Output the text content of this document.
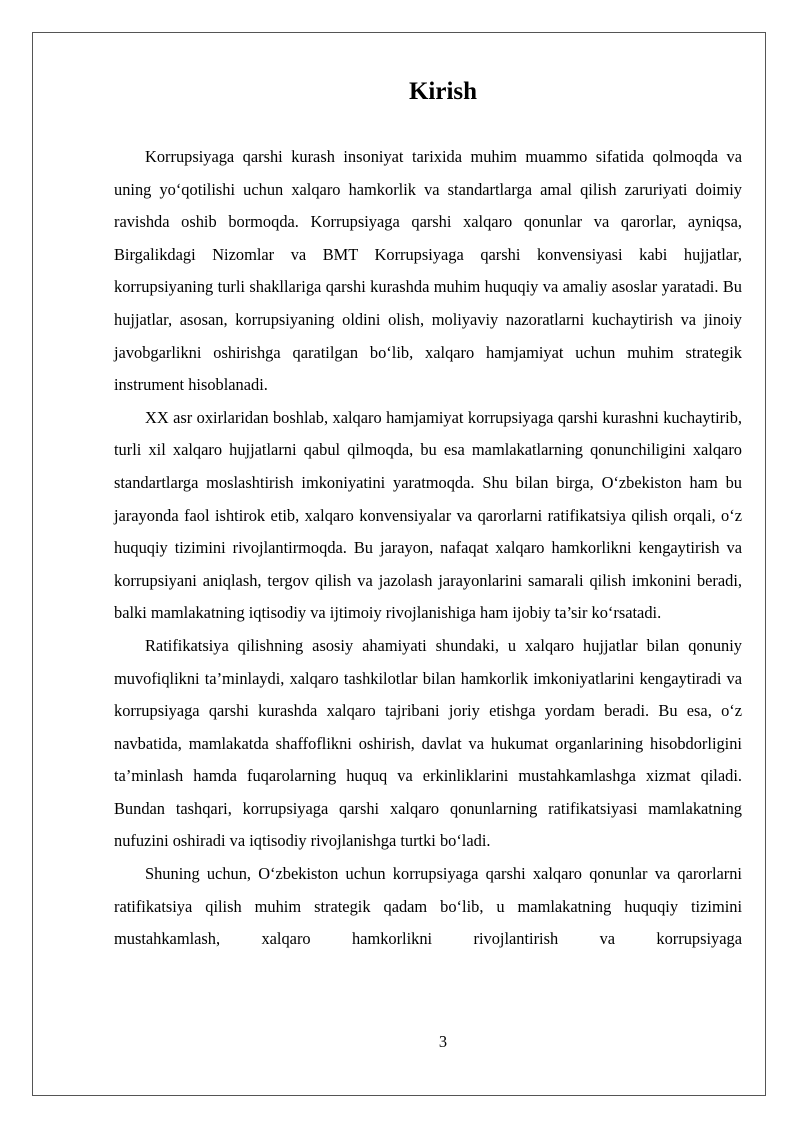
Kirish

Korrupsiyaga qarshi kurash insoniyat tarixida muhim muammo sifatida qolmoqda va uning yo‘qotilishi uchun xalqaro hamkorlik va standartlarga amal qilish zaruriyati doimiy ravishda oshib bormoqda. Korrupsiyaga qarshi xalqaro qonunlar va qarorlar, ayniqsa, Birgalikdagi Nizomlar va BMT Korrupsiyaga qarshi konvensiyasi kabi hujjatlar, korrupsiyaning turli shakllariga qarshi kurashda muhim huquqiy va amaliy asoslar yaratadi. Bu hujjatlar, asosan, korrupsiyaning oldini olish, moliyaviy nazoratlarni kuchaytirish va jinoiy javobgarlikni oshirishga qaratilgan bo‘lib, xalqaro hamjamiyat uchun muhim strategik instrument hisoblanadi.

XX asr oxirlaridan boshlab, xalqaro hamjamiyat korrupsiyaga qarshi kurashni kuchaytirib, turli xil xalqaro hujjatlarni qabul qilmoqda, bu esa mamlakatlarning qonunchiligini xalqaro standartlarga moslashtirish imkoniyatini yaratmoqda. Shu bilan birga, O‘zbekiston ham bu jarayonda faol ishtirok etib, xalqaro konvensiyalar va qarorlarni ratifikatsiya qilish orqali, o‘z huquqiy tizimini rivojlantirmoqda. Bu jarayon, nafaqat xalqaro hamkorlikni kengaytirish va korrupsiyani aniqlash, tergov qilish va jazolash jarayonlarini samarali qilish imkonini beradi, balki mamlakatning iqtisodiy va ijtimoiy rivojlanishiga ham ijobiy ta’sir ko‘rsatadi.

Ratifikatsiya qilishning asosiy ahamiyati shundaki, u xalqaro hujjatlar bilan qonuniy muvofiqlikni ta’minlaydi, xalqaro tashkilotlar bilan hamkorlik imkoniyatlarini kengaytiradi va korrupsiyaga qarshi kurashda xalqaro tajribani joriy etishga yordam beradi. Bu esa, o‘z navbatida, mamlakatda shaffoflikni oshirish, davlat va hukumat organlarining hisobdorligini ta’minlash hamda fuqarolarning huquq va erkinliklarini mustahkamlashga xizmat qiladi. Bundan tashqari, korrupsiyaga qarshi xalqaro qonunlarning ratifikatsiyasi mamlakatning nufuzini oshiradi va iqtisodiy rivojlanishga turtki bo‘ladi.

Shuning uchun, O‘zbekiston uchun korrupsiyaga qarshi xalqaro qonunlar va qarorlarni ratifikatsiya qilish muhim strategik qadam bo‘lib, u mamlakatning huquqiy tizimini mustahkamlash, xalqaro hamkorlikni rivojlantirish va korrupsiyaga

3
